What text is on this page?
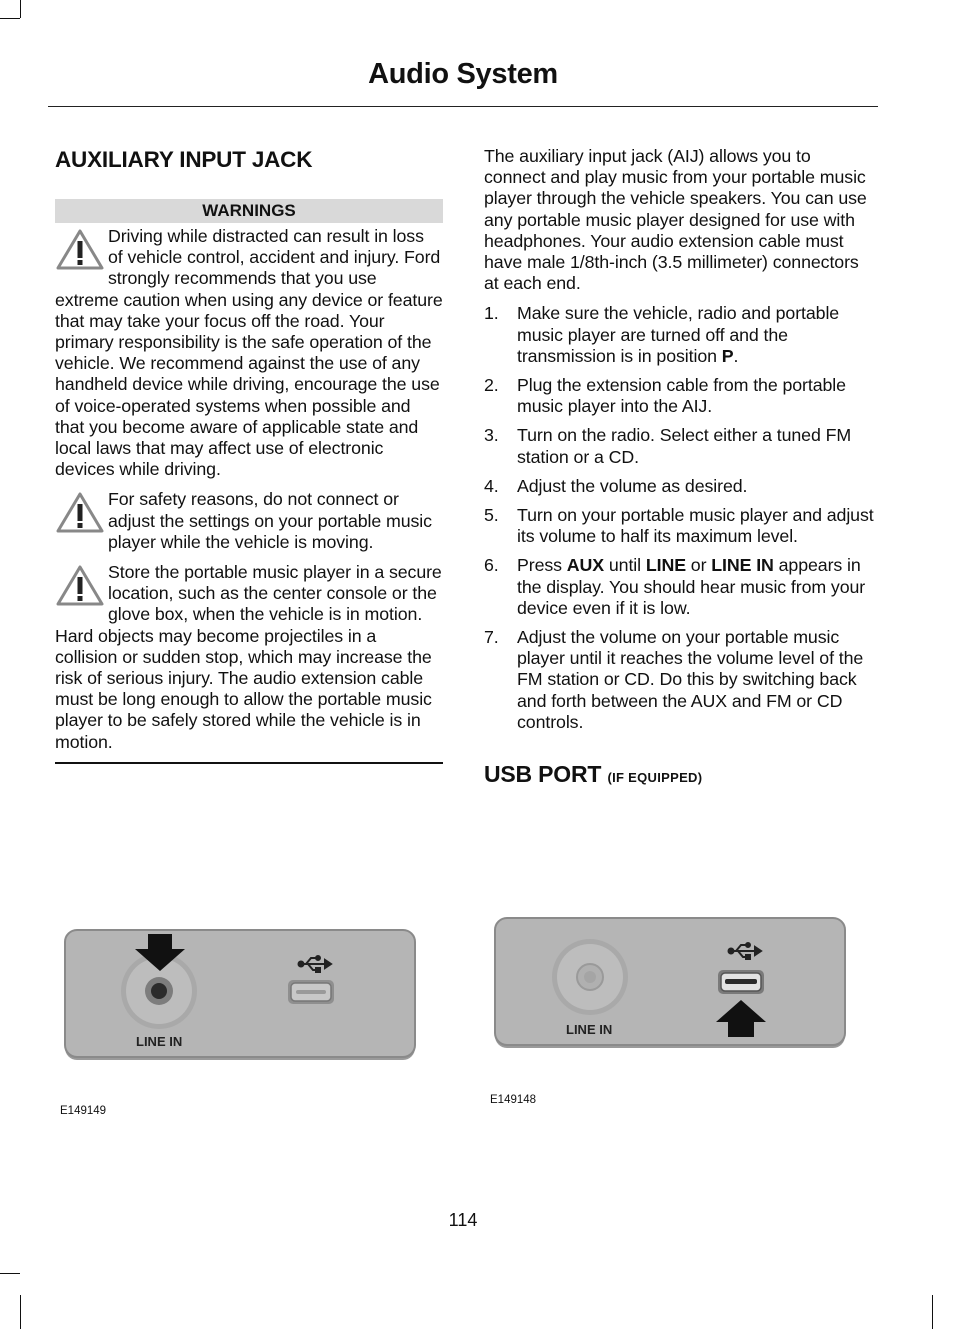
Audio System
AUXILIARY INPUT JACK
WARNINGS
Driving while distracted can result in loss of vehicle control, accident and injury. Ford strongly recommends that you use extreme caution when using any device or feature that may take your focus off the road. Your primary responsibility is the safe operation of the vehicle. We recommend against the use of any handheld device while driving, encourage the use of voice-operated systems when possible and that you become aware of applicable state and local laws that may affect use of electronic devices while driving.
For safety reasons, do not connect or adjust the settings on your portable music player while the vehicle is moving.
Store the portable music player in a secure location, such as the center console or the glove box, when the vehicle is in motion. Hard objects may become projectiles in a collision or sudden stop, which may increase the risk of serious injury. The audio extension cable must be long enough to allow the portable music player to be safely stored while the vehicle is in motion.

The auxiliary input jack (AIJ) allows you to connect and play music from your portable music player through the vehicle speakers. You can use any portable music player designed for use with headphones. Your audio extension cable must have male 1/8th-inch (3.5 millimeter) connectors at each end.

1. Make sure the vehicle, radio and portable music player are turned off and the transmission is in position P.
2. Plug the extension cable from the portable music player into the AIJ.
3. Turn on the radio. Select either a tuned FM station or a CD.
4. Adjust the volume as desired.
5. Turn on your portable music player and adjust its volume to half its maximum level.
6. Press AUX until LINE or LINE IN appears in the display. You should hear music from your device even if it is low.
7. Adjust the volume on your portable music player until it reaches the volume level of the FM station or CD. Do this by switching back and forth between the AUX and FM or CD controls.
USB PORT (IF EQUIPPED)
LINE IN
E149149
LINE IN
E149148
114
